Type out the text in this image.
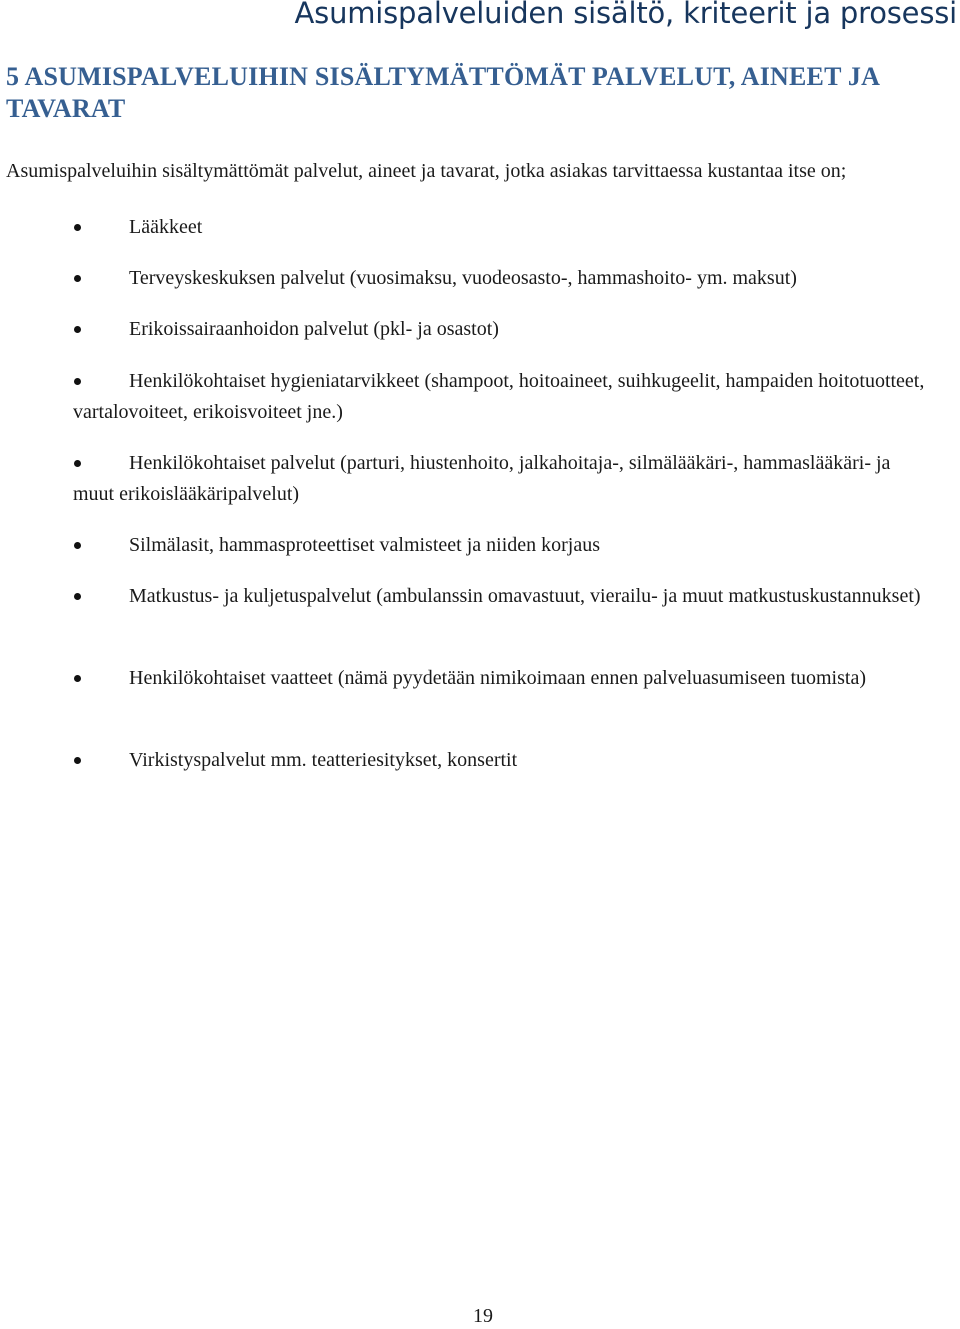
Asumispalveluiden sisältö, kriteerit ja prosessi
5 ASUMISPALVELUIHIN SISÄLTYMÄTTÖMÄT PALVELUT, AINEET JA TAVARAT

Asumispalveluihin sisältymättömät palvelut, aineet ja tavarat, jotka asiakas tarvittaessa kustantaa itse on;

Lääkkeet

Terveyskeskuksen palvelut (vuosimaksu, vuodeosasto-, hammashoito- ym. maksut)

Erikoissairaanhoidon palvelut (pkl- ja osastot)

Henkilökohtaiset hygieniatarvikkeet (shampoot, hoitoaineet, suihkugeelit, hampaiden hoitotuotteet, vartalovoiteet, erikoisvoiteet jne.)

Henkilökohtaiset palvelut (parturi, hiustenhoito, jalkahoitaja-, silmälääkäri-, hammaslääkäri- ja muut erikoislääkäripalvelut)

Silmälasit, hammasproteettiset valmisteet ja niiden korjaus

Matkustus- ja kuljetuspalvelut (ambulanssin omavastuut, vierailu- ja muut matkustuskustannukset)

Henkilökohtaiset vaatteet (nämä pyydetään nimikoimaan ennen palveluasumiseen tuomista)

Virkistyspalvelut mm. teatteriesitykset, konsertit

19
